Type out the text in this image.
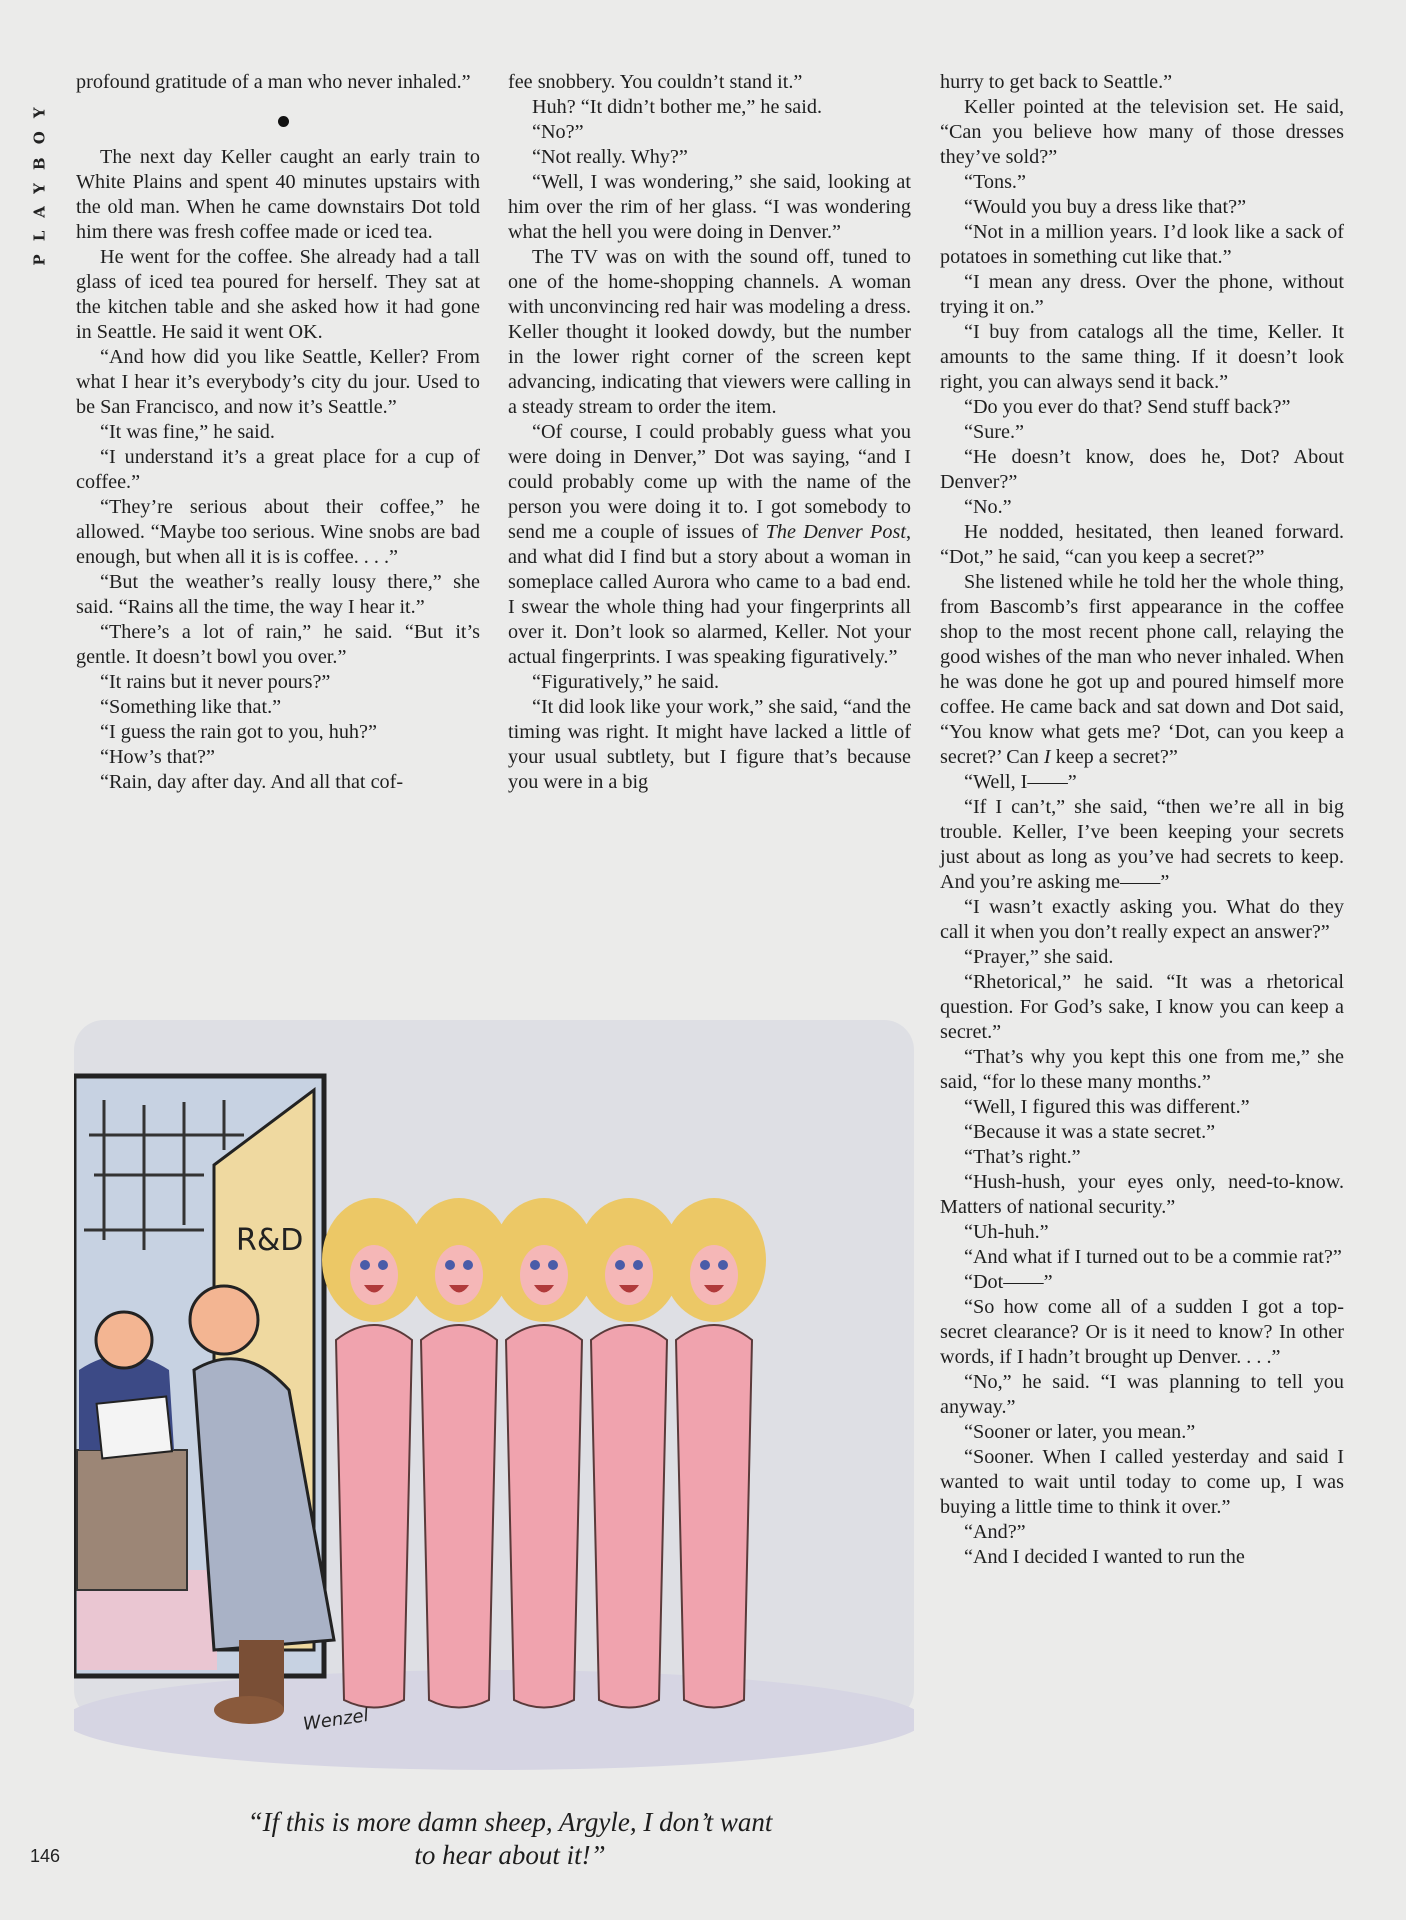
PLAYBOY

profound gratitude of a man who never inhaled.”

The next day Keller caught an early train to White Plains and spent 40 minutes upstairs with the old man. When he came downstairs Dot told him there was fresh coffee made or iced tea.

He went for the coffee. She already had a tall glass of iced tea poured for herself. They sat at the kitchen table and she asked how it had gone in Seattle. He said it went OK.

“And how did you like Seattle, Keller? From what I hear it’s everybody’s city du jour. Used to be San Francisco, and now it’s Seattle.”

“It was fine,” he said.

“I understand it’s a great place for a cup of coffee.”

“They’re serious about their coffee,” he allowed. “Maybe too serious. Wine snobs are bad enough, but when all it is is coffee. . . .”

“But the weather’s really lousy there,” she said. “Rains all the time, the way I hear it.”

“There’s a lot of rain,” he said. “But it’s gentle. It doesn’t bowl you over.”

“It rains but it never pours?”

“Something like that.”

“I guess the rain got to you, huh?”

“How’s that?”

“Rain, day after day. And all that cof-

fee snobbery. You couldn’t stand it.”

Huh? “It didn’t bother me,” he said.

“No?”

“Not really. Why?”

“Well, I was wondering,” she said, looking at him over the rim of her glass. “I was wondering what the hell you were doing in Denver.”

The TV was on with the sound off, tuned to one of the home-shopping channels. A woman with unconvincing red hair was modeling a dress. Keller thought it looked dowdy, but the number in the lower right corner of the screen kept advancing, indicating that viewers were calling in a steady stream to order the item.

“Of course, I could probably guess what you were doing in Denver,” Dot was saying, “and I could probably come up with the name of the person you were doing it to. I got somebody to send me a couple of issues of The Denver Post, and what did I find but a story about a woman in someplace called Aurora who came to a bad end. I swear the whole thing had your fingerprints all over it. Don’t look so alarmed, Keller. Not your actual fingerprints. I was speaking figuratively.”

“Figuratively,” he said.

“It did look like your work,” she said, “and the timing was right. It might have lacked a little of your usual subtlety, but I figure that’s because you were in a big

hurry to get back to Seattle.”

Keller pointed at the television set. He said, “Can you believe how many of those dresses they’ve sold?”

“Tons.”

“Would you buy a dress like that?”

“Not in a million years. I’d look like a sack of potatoes in something cut like that.”

“I mean any dress. Over the phone, without trying it on.”

“I buy from catalogs all the time, Keller. It amounts to the same thing. If it doesn’t look right, you can always send it back.”

“Do you ever do that? Send stuff back?”

“Sure.”

“He doesn’t know, does he, Dot? About Denver?”

“No.”

He nodded, hesitated, then leaned forward. “Dot,” he said, “can you keep a secret?”

She listened while he told her the whole thing, from Bascomb’s first appearance in the coffee shop to the most recent phone call, relaying the good wishes of the man who never inhaled. When he was done he got up and poured himself more coffee. He came back and sat down and Dot said, “You know what gets me? ‘Dot, can you keep a secret?’ Can I keep a secret?”

“Well, I——”

“If I can’t,” she said, “then we’re all in big trouble. Keller, I’ve been keeping your secrets just about as long as you’ve had secrets to keep. And you’re asking me——”

“I wasn’t exactly asking you. What do they call it when you don’t really expect an answer?”

“Prayer,” she said.

“Rhetorical,” he said. “It was a rhetorical question. For God’s sake, I know you can keep a secret.”

“That’s why you kept this one from me,” she said, “for lo these many months.”

“Well, I figured this was different.”

“Because it was a state secret.”

“That’s right.”

“Hush-hush, your eyes only, need-to-know. Matters of national security.”

“Uh-huh.”

“And what if I turned out to be a commie rat?”

“Dot——”

“So how come all of a sudden I got a top-secret clearance? Or is it need to know? In other words, if I hadn’t brought up Denver. . . .”

“No,” he said. “I was planning to tell you anyway.”

“Sooner or later, you mean.”

“Sooner. When I called yesterday and said I wanted to wait until today to come up, I was buying a little time to think it over.”

“And?”

“And I decided I wanted to run the

R&D
Wenzel
“If this is more damn sheep, Argyle, I don’t want
to hear about it!”
146
